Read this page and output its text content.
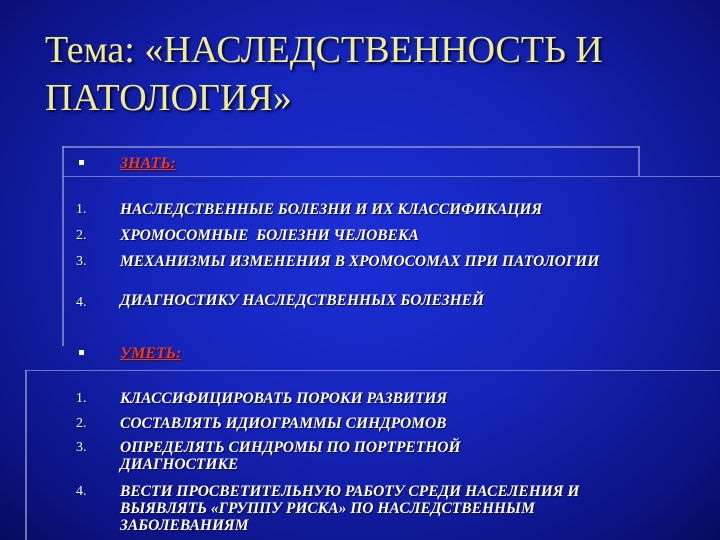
Тема: «НАСЛЕДСТВЕННОСТЬ И ПАТОЛОГИЯ»
ЗНАТЬ:
1. НАСЛЕДСТВЕННЫЕ БОЛЕЗНИ И ИХ КЛАССИФИКАЦИЯ
2. ХРОМОСОМНЫЕ  БОЛЕЗНИ ЧЕЛОВЕКА
3. МЕХАНИЗМЫ ИЗМЕНЕНИЯ В ХРОМОСОМАХ ПРИ ПАТОЛОГИИ
4. ДИАГНОСТИКУ НАСЛЕДСТВЕННЫХ БОЛЕЗНЕЙ
УМЕТЬ:
1. КЛАССИФИЦИРОВАТЬ ПОРОКИ РАЗВИТИЯ
2. СОСТАВЛЯТЬ ИДИОГРАММЫ СИНДРОМОВ
3. ОПРЕДЕЛЯТЬ СИНДРОМЫ ПО ПОРТРЕТНОЙ ДИАГНОСТИКЕ
4. ВЕСТИ ПРОСВЕТИТЕЛЬНУЮ РАБОТУ СРЕДИ НАСЕЛЕНИЯ И ВЫЯВЛЯТЬ «ГРУППУ РИСКА» ПО НАСЛЕДСТВЕННЫМ ЗАБОЛЕВАНИЯМ
